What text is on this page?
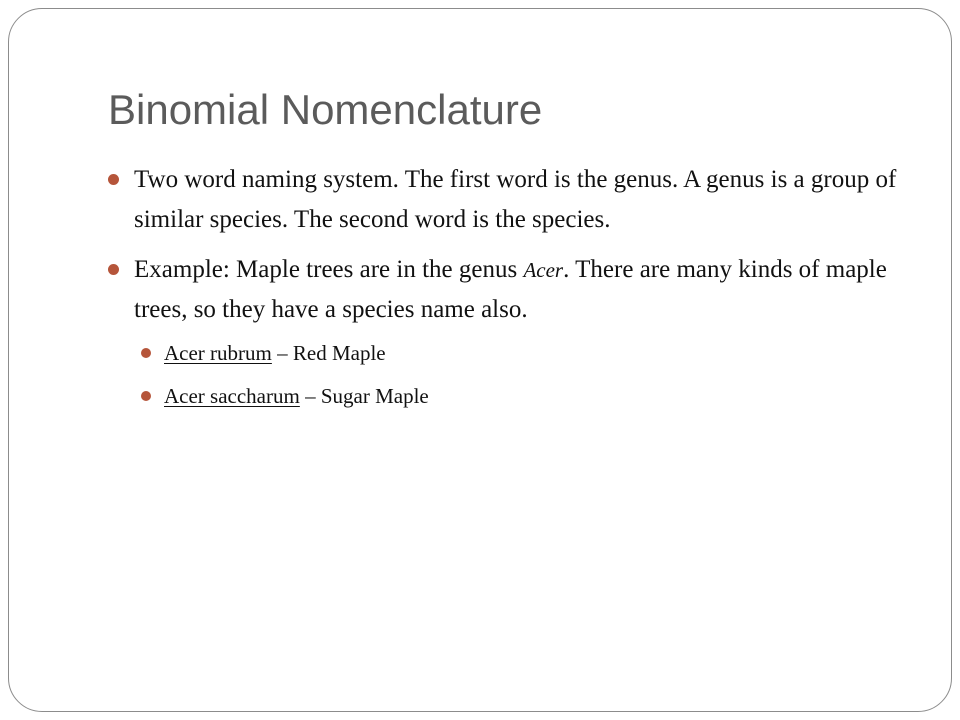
Binomial Nomenclature

Two word naming system. The first word is the genus. A genus is a group of similar species. The second word is the species.

Example: Maple trees are in the genus Acer. There are many kinds of maple trees, so they have a species name also.

Acer rubrum – Red Maple

Acer saccharum – Sugar Maple
